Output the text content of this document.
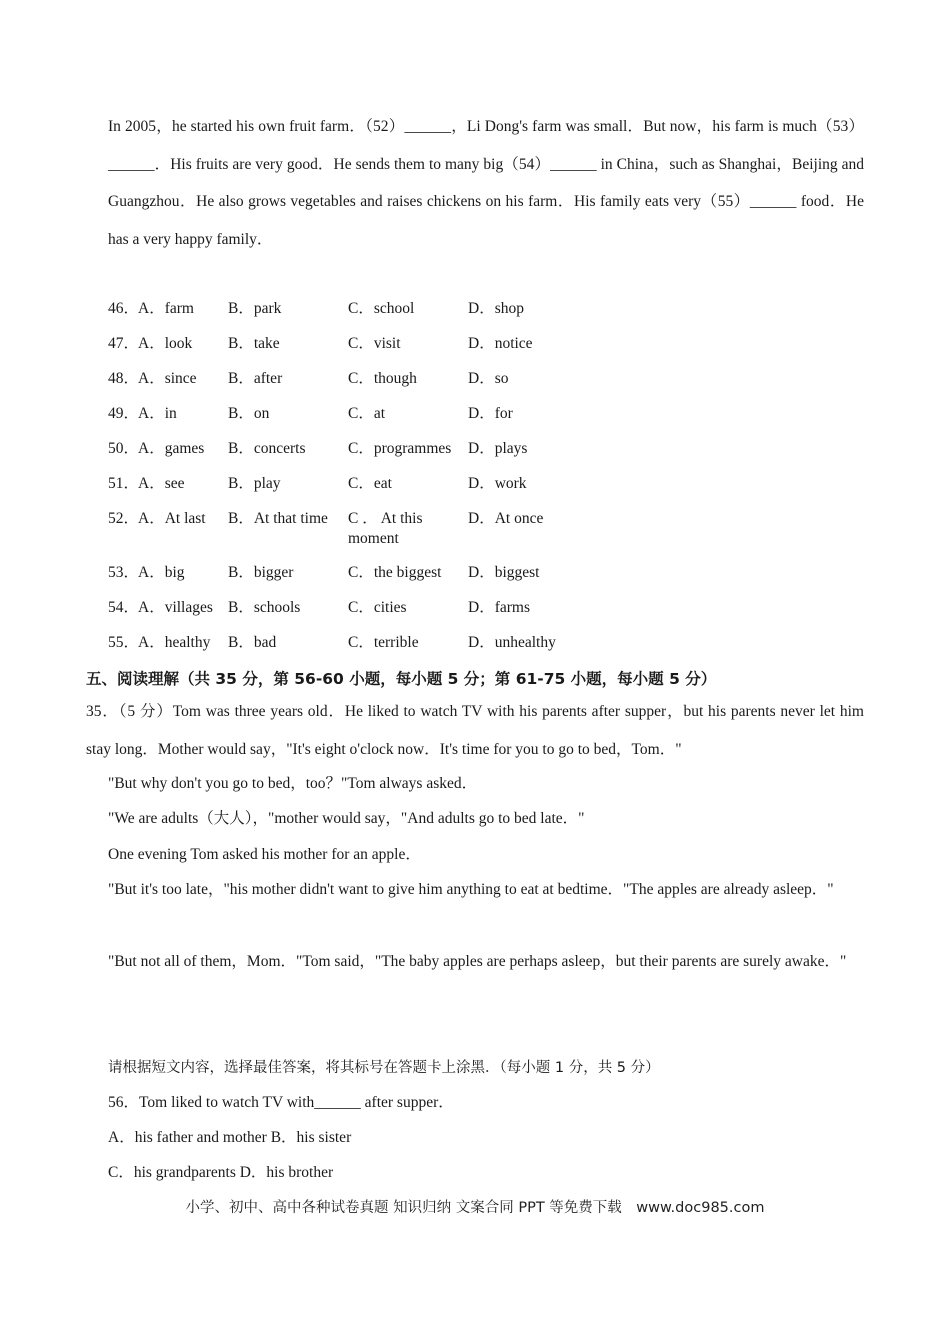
In 2005，he started his own fruit farm．（52）______，Li Dong's farm was small．But now，his farm is much（53）______．His fruits are very good．He sends them to many big（54）______ in China，such as Shanghai，Beijing and Guangzhou．He also grows vegetables and raises chickens on his farm．His family eats very（55）______ food．He has a very happy family．
46．
A．farm B．park	C．school	D．shop
47．
A．look B．take	C．visit	D．notice
48．
A．since B．after	C．though	D．so
49．
A．in	B．on	C．at	D．for
50．
A．games B．concerts	C．programmes D．plays
51．
A．see	B．play	C．eat	D．work
52．
A．At last B．At that time C ． At this moment
D．At once
53．
A．big	B．bigger	C．the biggest D．biggest
54．
A．villages B．schools	C．cities	D．farms
55．
A．healthy B．bad	C．terrible	D．unhealthy
五、阅读理解（共 35 分，第 56-60 小题，每小题 5 分；第 61-75 小题，每小题 5 分）
35．（5 分）Tom was three years old．He liked to watch TV with his parents after supper，but his parents never let him stay long．Mother would say，"It's eight o'clock now．It's time for you to go to bed，Tom．"
"But why don't you go to bed，too？"Tom always asked．
"We are adults（大人），"mother would say，"And adults go to bed late．"
One evening Tom asked his mother for an apple．
"But it's too late，"his mother didn't want to give him anything to eat at bedtime．"The apples are already asleep．"
"But not all of them，Mom．"Tom said，"The baby apples are perhaps asleep，but their parents are surely awake．"
请根据短文内容，选择最佳答案，将其标号在答题卡上涂黑．（每小题 1 分，共 5 分）
56．Tom liked to watch TV with______ after supper．
A．his father and mother B．his sister
C．his grandparents D．his brother
小学、初中、高中各种试卷真题 知识归纳 文案合同 PPT 等免费下载　www.doc985.com
